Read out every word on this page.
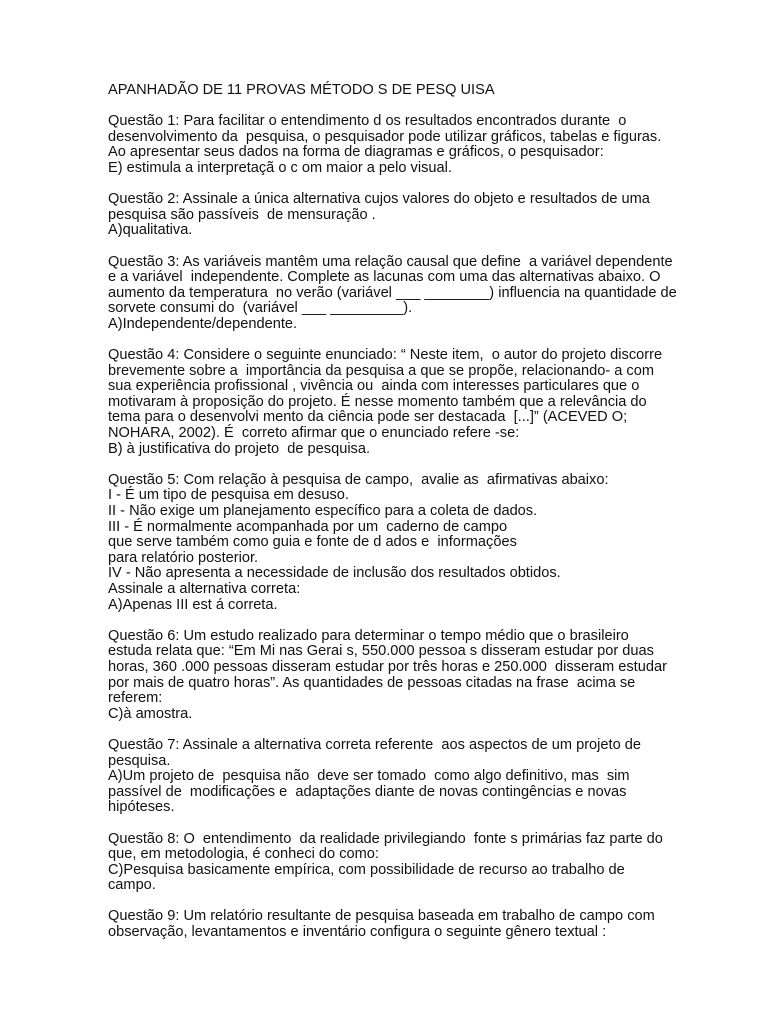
APANHADÃO DE 11 PROVAS MÉTODO S DE PESQ UISA
Questão 1: Para facilitar o entendimento d os resultados encontrados durante  o
desenvolvimento da  pesquisa, o pesquisador pode utilizar gráficos, tabelas e figuras.
Ao apresentar seus dados na forma de diagramas e gráficos, o pesquisador:
E) estimula a interpretaçã o c om maior a pelo visual.
Questão 2: Assinale a única alternativa cujos valores do objeto e resultados de uma
pesquisa são passíveis  de mensuração .
A)qualitativa.
Questão 3: As variáveis mantêm uma relação causal que define  a variável dependente
e a variável  independente. Complete as lacunas com uma das alternativas abaixo. O
aumento da temperatura  no verão (variável ___ ________) influencia na quantidade de
sorvete consumi do  (variável ___ _________).
A)Independente/dependente.
Questão 4: Considere o seguinte enunciado: “ Neste item,  o autor do projeto discorre
brevemente sobre a  importância da pesquisa a que se propõe, relacionando- a com
sua experiência profissional , vivência ou  ainda com interesses particulares que o
motivaram à proposição do projeto. É nesse momento também que a relevância do
tema para o desenvolvi mento da ciência pode ser destacada  [...]” (ACEVED O;
NOHARA, 2002). É  correto afirmar que o enunciado refere -se:
B) à justificativa do projeto  de pesquisa.
Questão 5: Com relação à pesquisa de campo,  avalie as  afirmativas abaixo:
I - É um tipo de pesquisa em desuso.
II - Não exige um planejamento específico para a coleta de dados.
III - É normalmente acompanhada por um  caderno de campo
que serve também como guia e fonte de d ados e  informações
para relatório posterior.
IV - Não apresenta a necessidade de inclusão dos resultados obtidos.
Assinale a alternativa correta:
A)Apenas III est á correta.
Questão 6: Um estudo realizado para determinar o tempo médio que o brasileiro
estuda relata que: “Em Mi nas Gerai s, 550.000 pessoa s disseram estudar por duas
horas, 360 .000 pessoas disseram estudar por três horas e 250.000  disseram estudar
por mais de quatro horas”. As quantidades de pessoas citadas na frase  acima se
referem:
C)à amostra.
Questão 7: Assinale a alternativa correta referente  aos aspectos de um projeto de
pesquisa.
A)Um projeto de  pesquisa não  deve ser tomado  como algo definitivo, mas  sim
passível de  modificações e  adaptações diante de novas contingências e novas
hipóteses.
Questão 8: O  entendimento  da realidade privilegiando  fonte s primárias faz parte do
que, em metodologia, é conheci do como:
C)Pesquisa basicamente empírica, com possibilidade de recurso ao trabalho de
campo.
Questão 9: Um relatório resultante de pesquisa baseada em trabalho de campo com
observação, levantamentos e inventário configura o seguinte gênero textual :
